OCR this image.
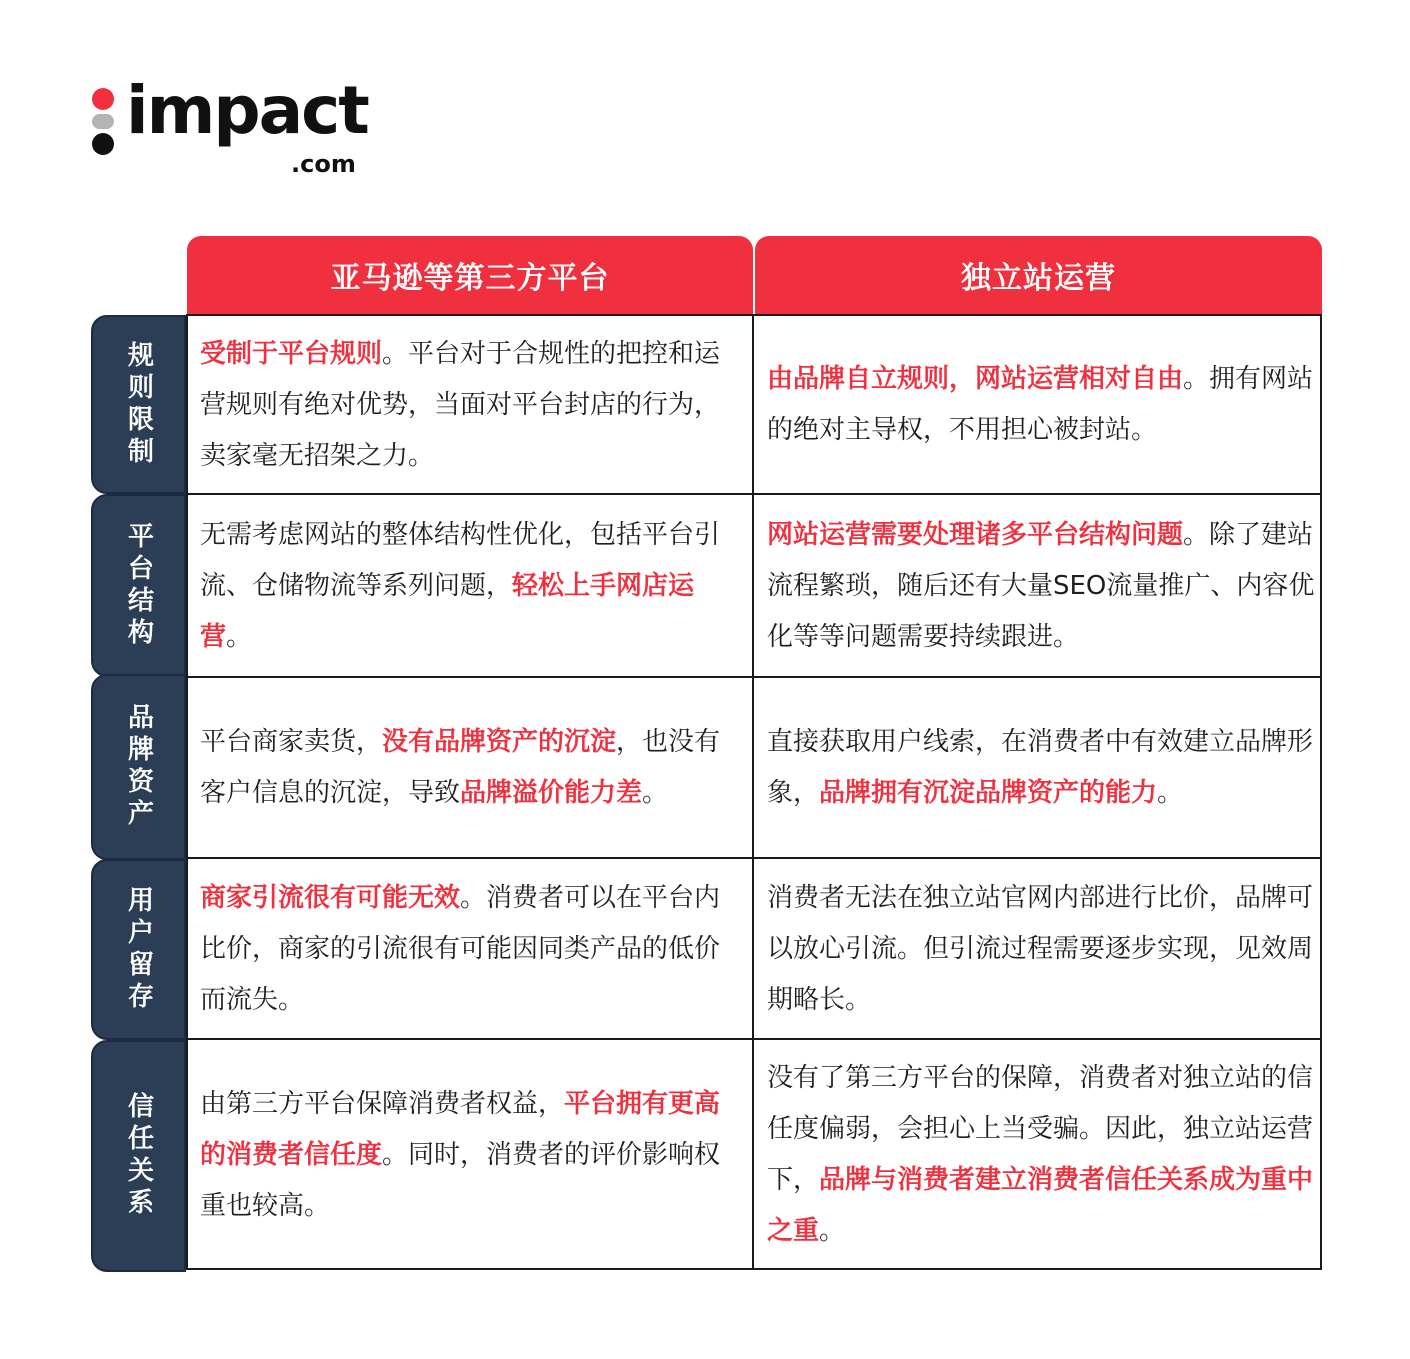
impact
.com
亚马逊等第三方平台	独立站运营
规则限制
平台结构
品牌资产
用户留存
信任关系

受制于平台规则。平台对于合规性的把控和运营规则有绝对优势，当面对平台封店的行为，卖家毫无招架之力。

由品牌自立规则，网站运营相对自由。拥有网站的绝对主导权，不用担心被封站。

无需考虑网站的整体结构性优化，包括平台引流、仓储物流等系列问题，轻松上手网店运营。

网站运营需要处理诸多平台结构问题。除了建站流程繁琐，随后还有大量SEO流量推广、内容优化等等问题需要持续跟进。

平台商家卖货，没有品牌资产的沉淀，也没有客户信息的沉淀，导致品牌溢价能力差。

直接获取用户线索，在消费者中有效建立品牌形象，品牌拥有沉淀品牌资产的能力。

商家引流很有可能无效。消费者可以在平台内比价，商家的引流很有可能因同类产品的低价而流失。

消费者无法在独立站官网内部进行比价，品牌可以放心引流。但引流过程需要逐步实现，见效周期略长。

由第三方平台保障消费者权益，平台拥有更高的消费者信任度。同时，消费者的评价影响权重也较高。

没有了第三方平台的保障，消费者对独立站的信任度偏弱，会担心上当受骗。因此，独立站运营下，品牌与消费者建立消费者信任关系成为重中之重。
